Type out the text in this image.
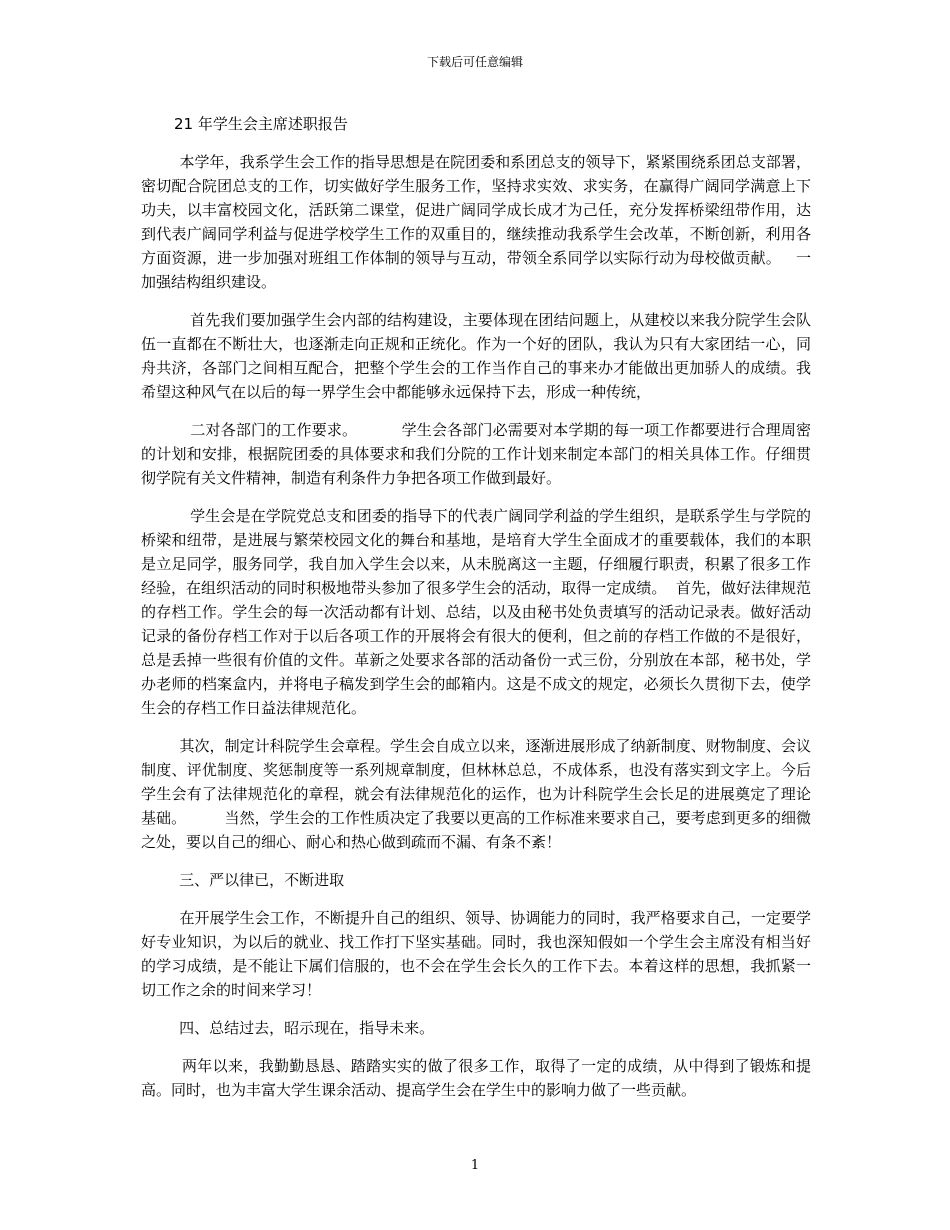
下载后可任意编辑
21 年学生会主席述职报告

本学年，我系学生会工作的指导思想是在院团委和系团总支的领导下，紧紧围绕系团总支部署，密切配合院团总支的工作，切实做好学生服务工作，坚持求实效、求实务，在赢得广阔同学满意上下功夫，以丰富校园文化，活跃第二课堂，促进广阔同学成长成才为己任，充分发挥桥梁纽带作用，达到代表广阔同学利益与促进学校学生工作的双重目的，继续推动我系学生会改革，不断创新，利用各方面资源，进一步加强对班组工作体制的领导与互动，带领全系同学以实际行动为母校做贡献。   一加强结构组织建设。

首先我们要加强学生会内部的结构建设，主要体现在团结问题上，从建校以来我分院学生会队伍一直都在不断壮大，也逐渐走向正规和正统化。作为一个好的团队，我认为只有大家团结一心，同舟共济，各部门之间相互配合，把整个学生会的工作当作自己的事来办才能做出更加骄人的成绩。我希望这种风气在以后的每一界学生会中都能够永远保持下去，形成一种传统，

二对各部门的工作要求。         学生会各部门必需要对本学期的每一项工作都要进行合理周密的计划和安排，根据院团委的具体要求和我们分院的工作计划来制定本部门的相关具体工作。仔细贯彻学院有关文件精神，制造有利条件力争把各项工作做到最好。

学生会是在学院党总支和团委的指导下的代表广阔同学利益的学生组织，是联系学生与学院的桥梁和纽带，是进展与繁荣校园文化的舞台和基地，是培育大学生全面成才的重要载体，我们的本职是立足同学，服务同学，我自加入学生会以来，从未脱离这一主题，仔细履行职责，积累了很多工作经验，在组织活动的同时积极地带头参加了很多学生会的活动，取得一定成绩。  首先，做好法律规范的存档工作。学生会的每一次活动都有计划、总结，以及由秘书处负责填写的活动记录表。做好活动记录的备份存档工作对于以后各项工作的开展将会有很大的便利，但之前的存档工作做的不是很好，总是丢掉一些很有价值的文件。革新之处要求各部的活动备份一式三份，分别放在本部，秘书处，学办老师的档案盒内，并将电子稿发到学生会的邮箱内。这是不成文的规定，必须长久贯彻下去，使学生会的存档工作日益法律规范化。

其次，制定计科院学生会章程。学生会自成立以来，逐渐进展形成了纳新制度、财物制度、会议制度、评优制度、奖惩制度等一系列规章制度，但林林总总，不成体系，也没有落实到文字上。今后学生会有了法律规范化的章程，就会有法律规范化的运作，也为计科院学生会长足的进展奠定了理论基础。        当然，学生会的工作性质决定了我要以更高的工作标准来要求自己，要考虑到更多的细微之处，要以自己的细心、耐心和热心做到疏而不漏、有条不紊！

三、严以律已，不断进取

在开展学生会工作，不断提升自己的组织、领导、协调能力的同时，我严格要求自己，一定要学好专业知识，为以后的就业、找工作打下坚实基础。同时，我也深知假如一个学生会主席没有相当好的学习成绩，是不能让下属们信服的，也不会在学生会长久的工作下去。本着这样的思想，我抓紧一切工作之余的时间来学习！

四、总结过去，昭示现在，指导未来。

两年以来，我勤勤恳恳、踏踏实实的做了很多工作，取得了一定的成绩，从中得到了锻炼和提高。同时，也为丰富大学生课余活动、提高学生会在学生中的影响力做了一些贡献。

1
